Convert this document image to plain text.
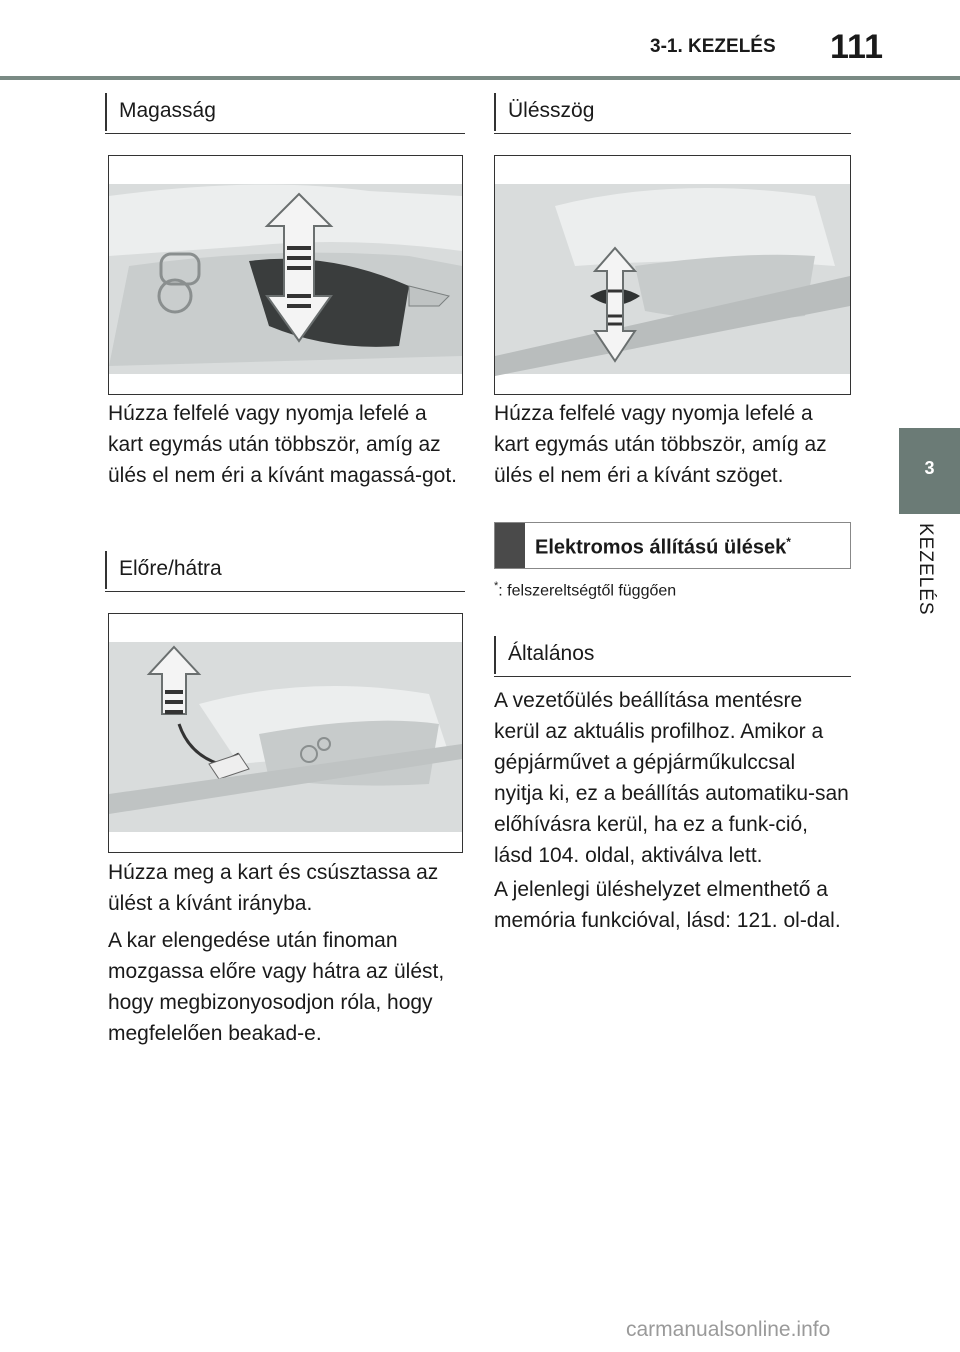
3-1. KEZELÉS 111
3
KEZELÉS
Magasság

Húzza felfelé vagy nyomja lefelé a kart egymás után többször, amíg az ülés el nem éri a kívánt magassá-got.

Előre/hátra

Húzza meg a kart és csúsztassa az ülést a kívánt irányba.

A kar elengedése után finoman mozgassa előre vagy hátra az ülést, hogy megbizonyosodjon róla, hogy megfelelően beakad-e.

Ülésszög

Húzza felfelé vagy nyomja lefelé a kart egymás után többször, amíg az ülés el nem éri a kívánt szöget.

Elektromos állítású ülések*
*: felszereltségtől függően
Általános

A vezetőülés beállítása mentésre kerül az aktuális profilhoz. Amikor a gépjárművet a gépjárműkulccsal nyitja ki, ez a beállítás automatiku-san előhívásra kerül, ha ez a funk-ció, lásd 104. oldal, aktiválva lett.

A jelenlegi üléshelyzet elmenthető a memória funkcióval, lásd: 121. ol-dal.

carmanualsonline.info
